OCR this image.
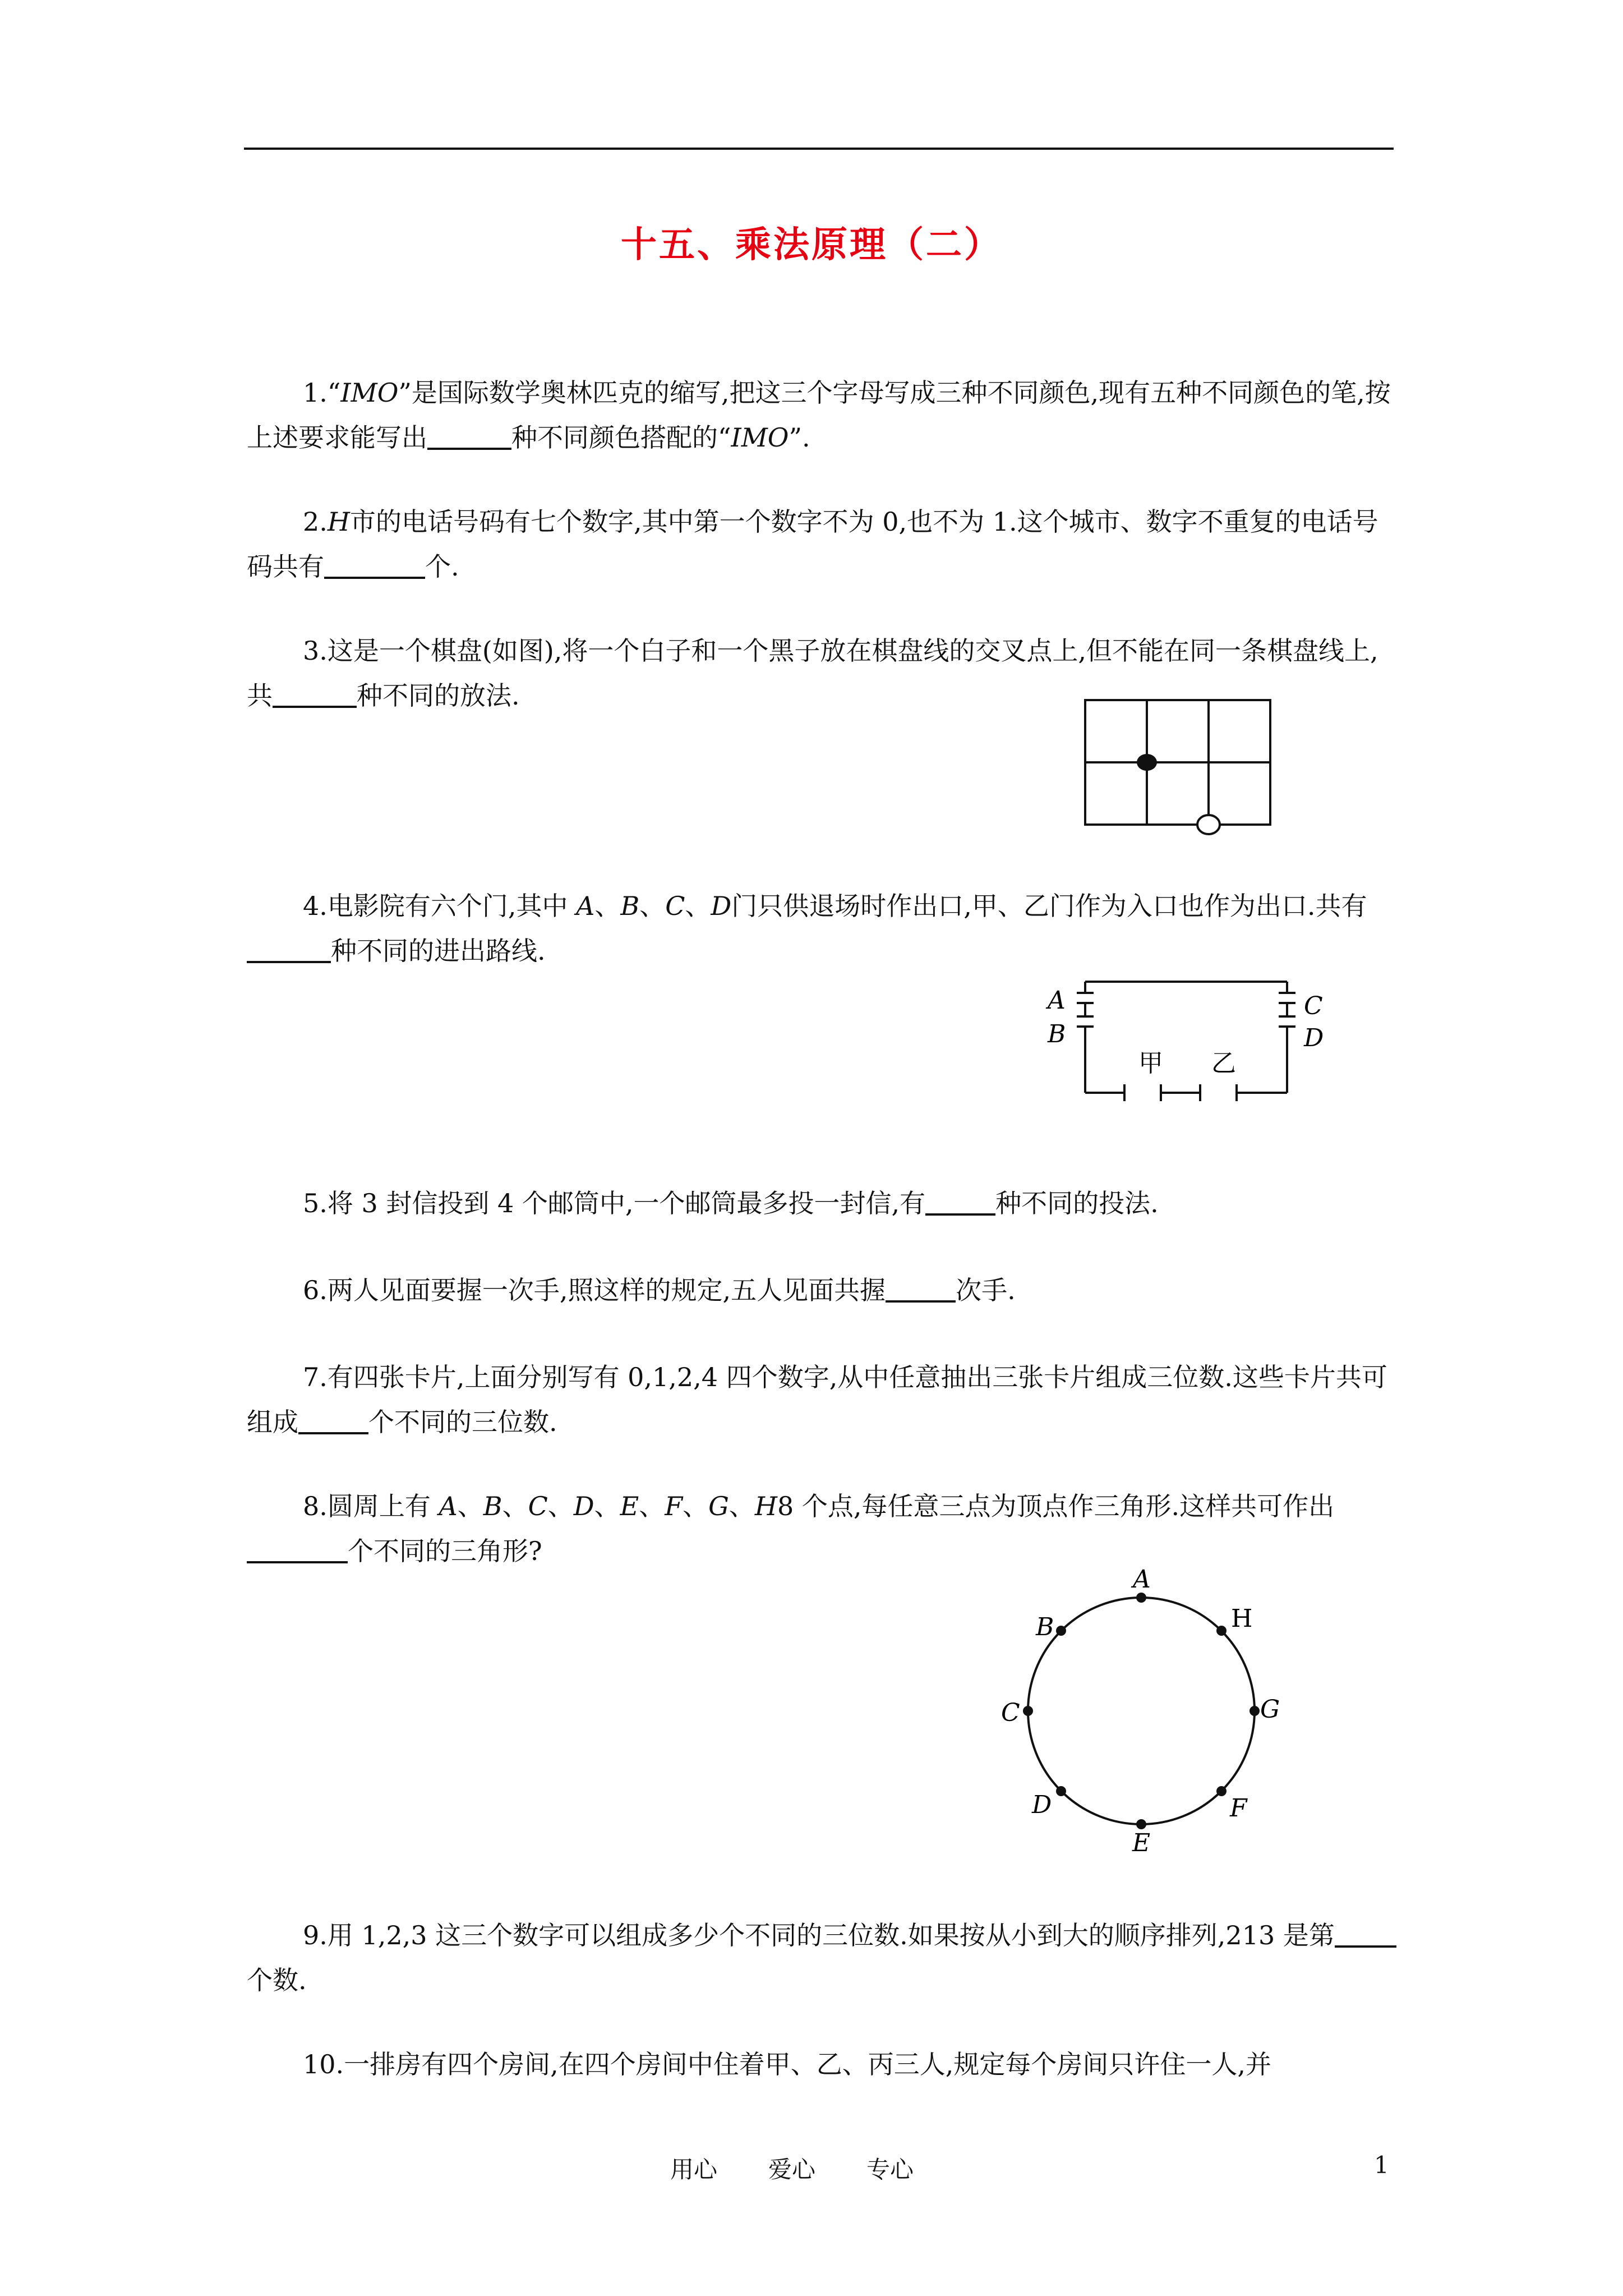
十五、乘法原理（二）

1.“IMO”是国际数学奥林匹克的缩写,把这三个字母写成三种不同颜色,现有五种不同颜色的笔,按上述要求能写出	种不同颜色搭配的“IMO”.

2.H市的电话号码有七个数字,其中第一个数字不为 0,也不为 1.这个城市、数字不重复的电话号码共有	个.

3.这是一个棋盘(如图),将一个白子和一个黑子放在棋盘线的交叉点上,但不能在同一条棋盘线上,共	种不同的放法.

4.电影院有六个门,其中 A、B、C、D门只供退场时作出口,甲、乙门作为入口也作为出口.共有种不同的进出路线.

A
B
C
D
甲 乙

5.将 3 封信投到 4 个邮筒中,一个邮筒最多投一封信,有	种不同的投法.

6.两人见面要握一次手,照这样的规定,五人见面共握	次手.

7.有四张卡片,上面分别写有 0,1,2,4 四个数字,从中任意抽出三张卡片组成三位数.这些卡片共可组成	个不同的三位数.

8.圆周上有 A、B、C、D、E、F、G、H8 个点,每任意三点为顶点作三角形.这样共可作出个不同的三角形?

A
H
B
G
C
D	F
E

9.用 1,2,3 这三个数字可以组成多少个不同的三位数.如果按从小到大的顺序排列,213 是第个数.

10.一排房有四个房间,在四个房间中住着甲、乙、丙三人,规定每个房间只许住一人,并

用心 爱心 专心	1
